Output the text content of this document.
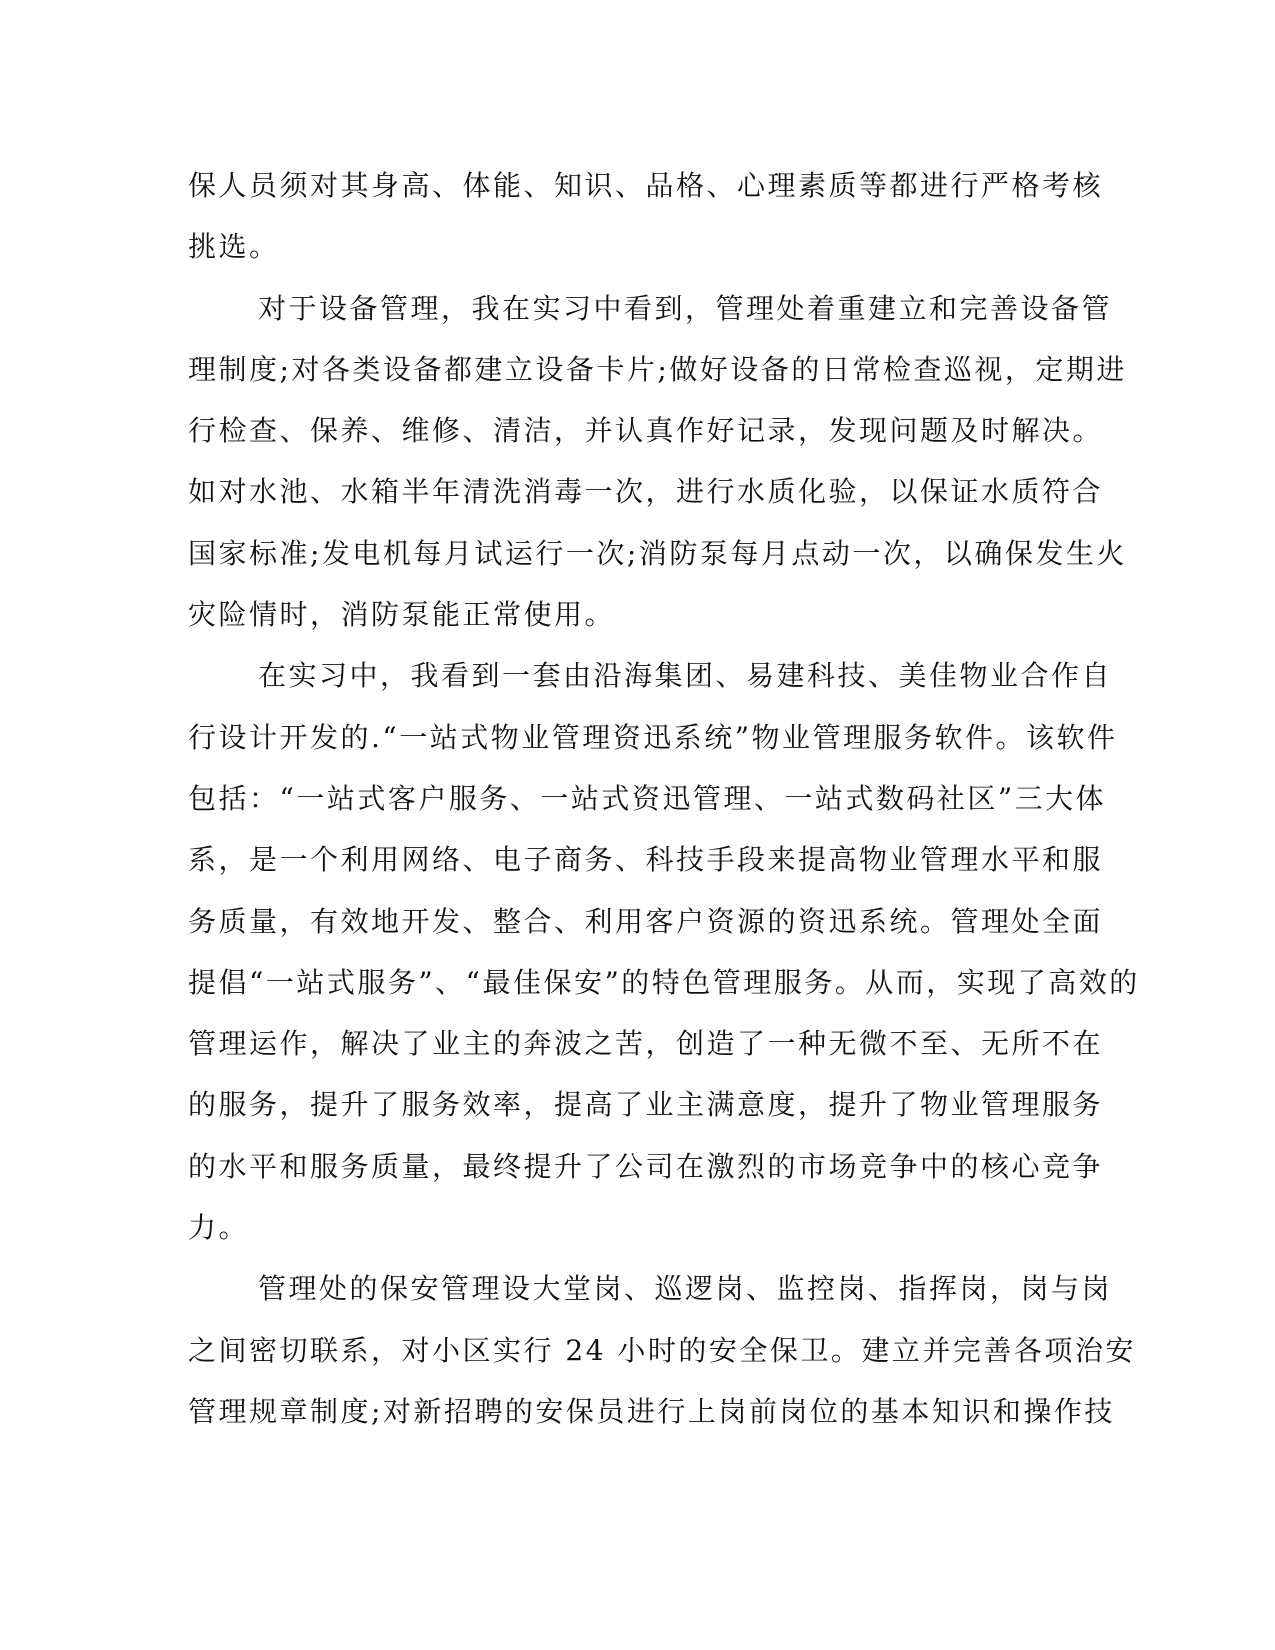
保人员须对其身高、体能、知识、品格、心理素质等都进行严格考核
挑选。
对于设备管理，我在实习中看到，管理处着重建立和完善设备管
理制度;对各类设备都建立设备卡片;做好设备的日常检查巡视，定期进
行检查、保养、维修、清洁，并认真作好记录，发现问题及时解决。
如对水池、水箱半年清洗消毒一次，进行水质化验，以保证水质符合
国家标准;发电机每月试运行一次;消防泵每月点动一次，以确保发生火
灾险情时，消防泵能正常使用。
在实习中，我看到一套由沿海集团、易建科技、美佳物业合作自
行设计开发的.“一站式物业管理资迅系统”物业管理服务软件。该软件
包括：“一站式客户服务、一站式资迅管理、一站式数码社区”三大体
系，是一个利用网络、电子商务、科技手段来提高物业管理水平和服
务质量，有效地开发、整合、利用客户资源的资迅系统。管理处全面
提倡“一站式服务”、“最佳保安”的特色管理服务。从而，实现了高效的
管理运作，解决了业主的奔波之苦，创造了一种无微不至、无所不在
的服务，提升了服务效率，提高了业主满意度，提升了物业管理服务
的水平和服务质量，最终提升了公司在激烈的市场竞争中的核心竞争
力。
管理处的保安管理设大堂岗、巡逻岗、监控岗、指挥岗，岗与岗
之间密切联系，对小区实行 24 小时的安全保卫。建立并完善各项治安
管理规章制度;对新招聘的安保员进行上岗前岗位的基本知识和操作技
